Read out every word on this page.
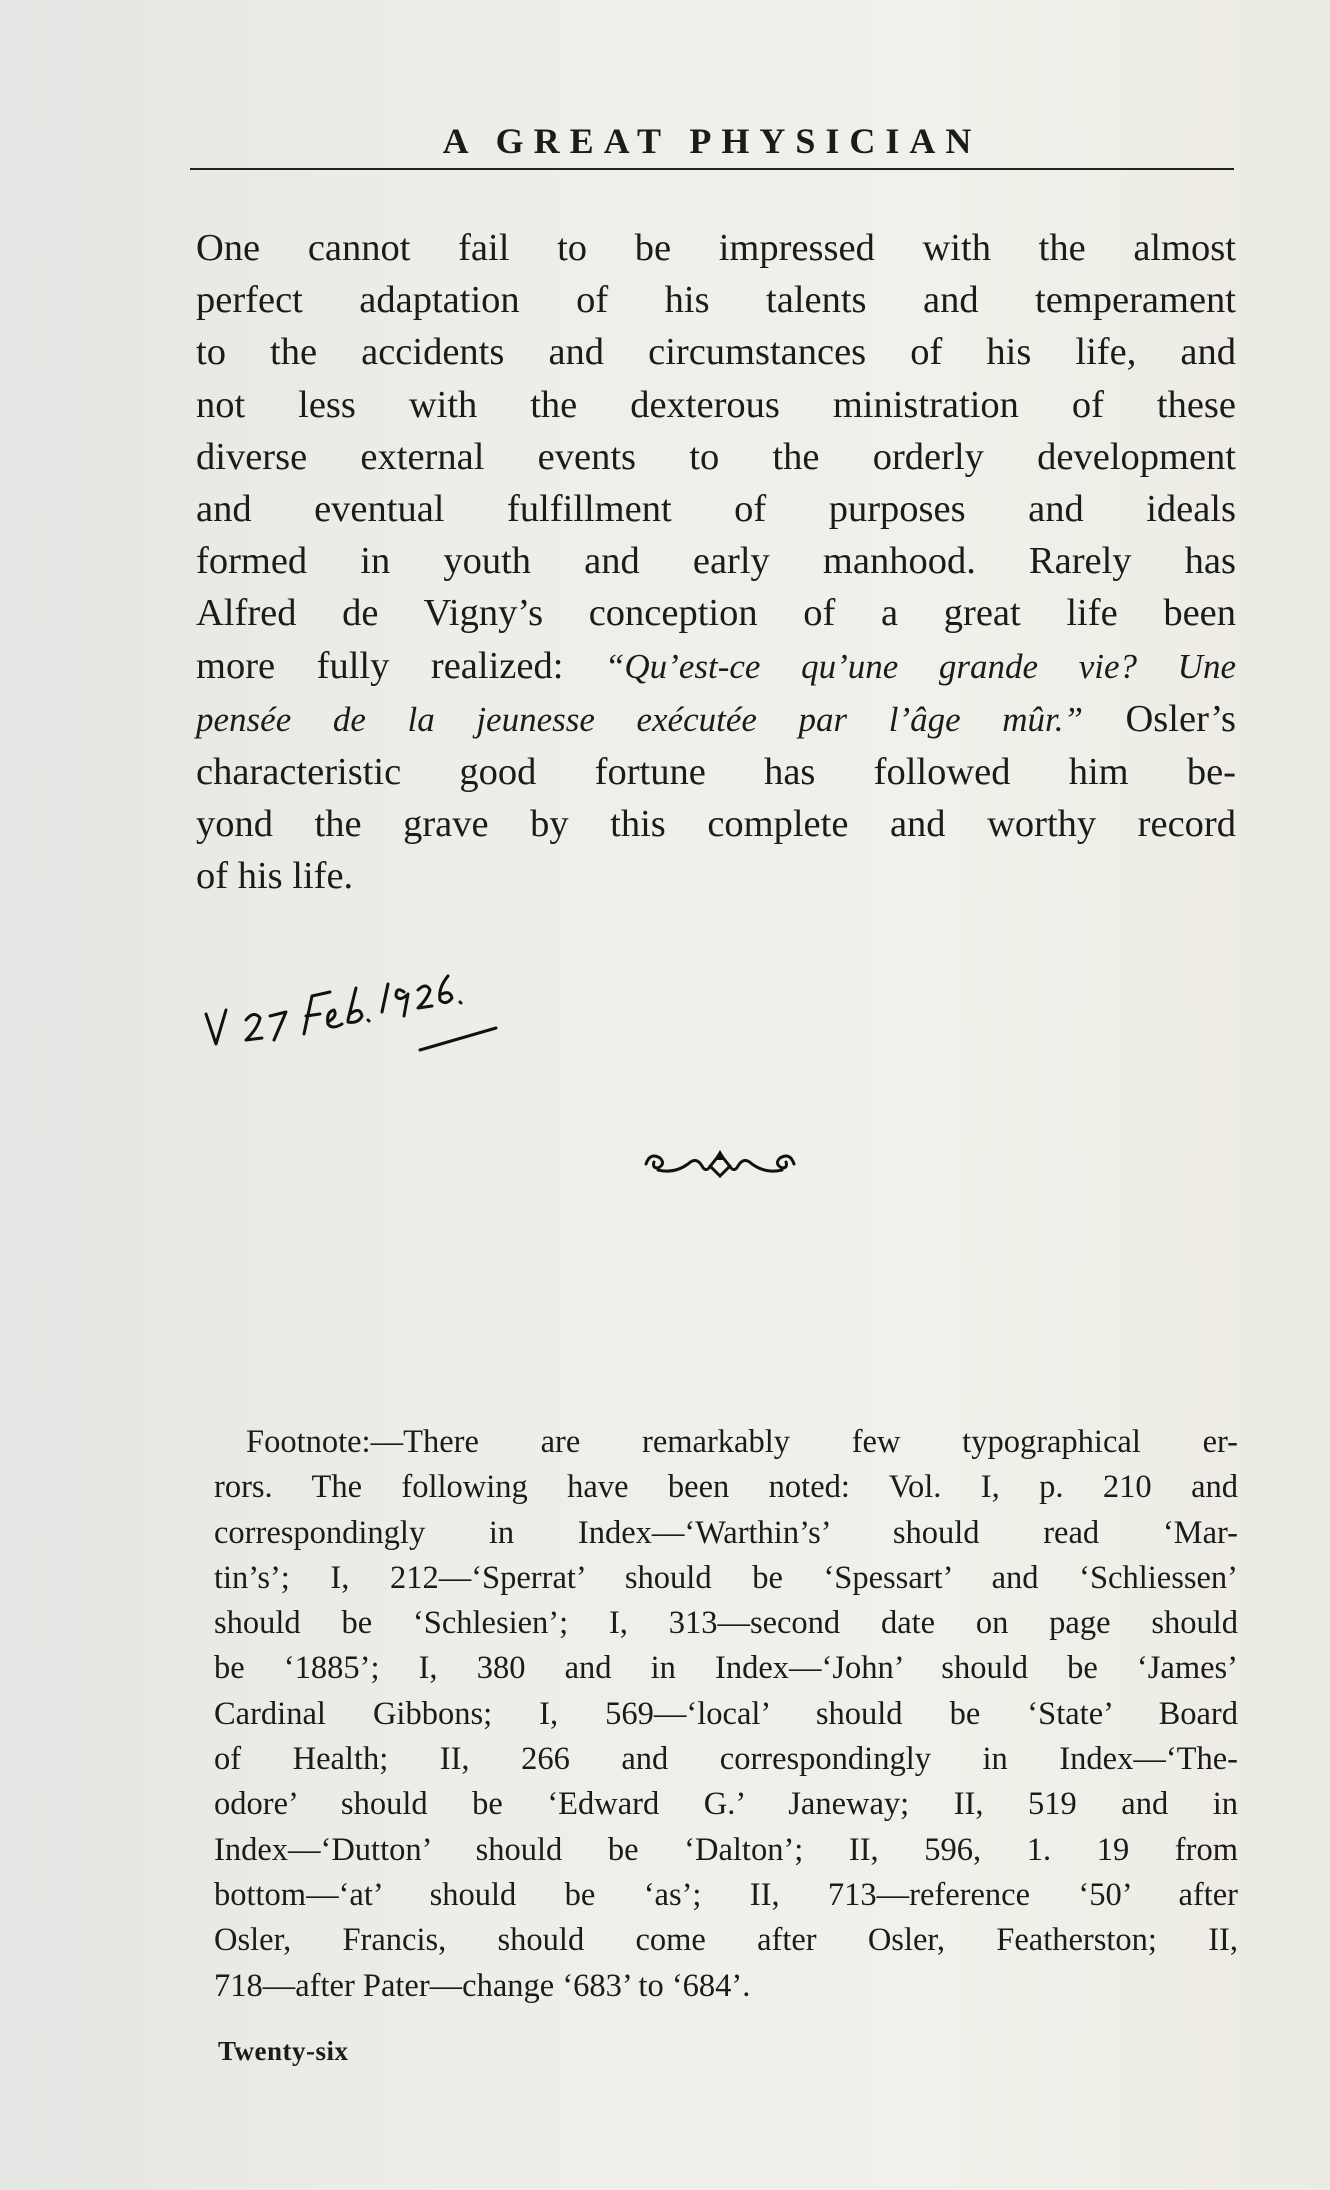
A GREAT PHYSICIAN
One cannot fail to be impressed with the almost
perfect adaptation of his talents and temperament
to the accidents and circumstances of his life, and
not less with the dexterous ministration of these
diverse external events to the orderly development
and eventual fulfillment of purposes and ideals
formed in youth and early manhood. Rarely has
Alfred de Vigny’s conception of a great life been
more fully realized: “Qu’est-ce qu’une grande vie? Une
pensée de la jeunesse exécutée par l’âge mûr.” Osler’s
characteristic good fortune has followed him be-
yond the grave by this complete and worthy record
of his life.
Footnote:—There are remarkably few typographical er-
rors. The following have been noted: Vol. I, p. 210 and
correspondingly in Index—‘Warthin’s’ should read ‘Mar-
tin’s’; I, 212—‘Sperrat’ should be ‘Spessart’ and ‘Schliessen’
should be ‘Schlesien’; I, 313—second date on page should
be ‘1885’; I, 380 and in Index—‘John’ should be ‘James’
Cardinal Gibbons; I, 569—‘local’ should be ‘State’ Board
of Health; II, 266 and correspondingly in Index—‘The-
odore’ should be ‘Edward G.’ Janeway; II, 519 and in
Index—‘Dutton’ should be ‘Dalton’; II, 596, 1. 19 from
bottom—‘at’ should be ‘as’; II, 713—reference ‘50’ after
Osler, Francis, should come after Osler, Featherston; II,
718—after Pater—change ‘683’ to ‘684’.
Twenty-six
